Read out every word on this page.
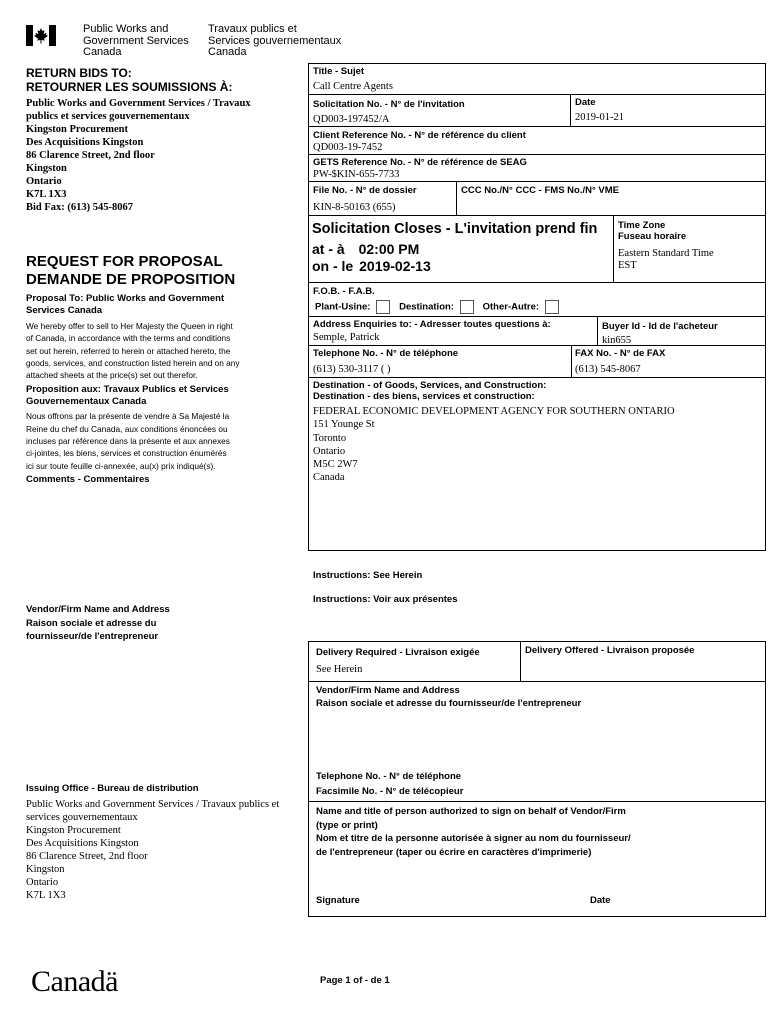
Public Works and
Government Services
Canada
Travaux publics et
Services gouvernementaux
Canada
RETURN BIDS TO:
RETOURNER LES SOUMISSIONS À:
Public Works and Government Services / Travaux
publics et services gouvernementaux
Kingston Procurement
Des Acquisitions Kingston
86 Clarence Street, 2nd floor
Kingston
Ontario
K7L 1X3
Bid Fax: (613) 545-8067
REQUEST FOR PROPOSAL
DEMANDE DE PROPOSITION
Proposal To: Public Works and Government
Services Canada
We hereby offer to sell to Her Majesty the Queen in right
of Canada, in accordance with the terms and conditions
set out herein, referred to herein or attached hereto, the
goods, services, and construction listed herein and on any
attached sheets at the price(s) set out therefor.
Proposition aux: Travaux Publics et Services
Gouvernementaux Canada
Nous offrons par la présente de vendre à Sa Majesté la
Reine du chef du Canada, aux conditions énoncées ou
incluses par référence dans la présente et aux annexes
ci-jointes, les biens, services et construction énumérés
ici sur toute feuille ci-annexée, au(x) prix indiqué(s).
Comments - Commentaires
Vendor/Firm Name and Address
Raison sociale et adresse du
fournisseur/de l'entrepreneur
Issuing Office - Bureau de distribution
Public Works and Government Services / Travaux publics et
services gouvernementaux
Kingston Procurement
Des Acquisitions Kingston
86 Clarence Street, 2nd floor
Kingston
Ontario
K7L 1X3
Title - Sujet
Call Centre Agents
Solicitation No. - N° de l'invitation
QD003-197452/A
Date
2019-01-21
Client Reference No. - N° de référence du client
QD003-19-7452
GETS Reference No. - N° de référence de SEAG
PW-$KIN-655-7733
File No. - N° de dossier
KIN-8-50163 (655)
CCC No./N° CCC - FMS No./N° VME
Solicitation Closes - L'invitation prend fin
at - à 02:00 PM
on - le 2019-02-13
Time Zone
Fuseau horaire
Eastern Standard Time
EST
F.O.B. - F.A.B.
Plant-Usine:	Destination:	Other-Autre:
Address Enquiries to: - Adresser toutes questions à:
Semple, Patrick
Buyer Id - Id de l'acheteur
kin655
Telephone No. - N° de téléphone
(613) 530-3117 ( )
FAX No. - N° de FAX
(613) 545-8067
Destination - of Goods, Services, and Construction:
Destination - des biens, services et construction:
FEDERAL ECONOMIC DEVELOPMENT AGENCY FOR SOUTHERN ONTARIO
151 Younge St
Toronto
Ontario
M5C 2W7
Canada
Instructions: See Herein
Instructions: Voir aux présentes
Delivery Required - Livraison exigée
See Herein
Delivery Offered - Livraison proposée
Vendor/Firm Name and Address
Raison sociale et adresse du fournisseur/de l'entrepreneur
Telephone No. - N° de téléphone
Facsimile No. - N° de télécopieur
Name and title of person authorized to sign on behalf of Vendor/Firm
(type or print)
Nom et titre de la personne autorisée à signer au nom du fournisseur/
de l'entrepreneur (taper ou écrire en caractères d'imprimerie)
Signature	Date
Canadä	Page 1 of - de 1
